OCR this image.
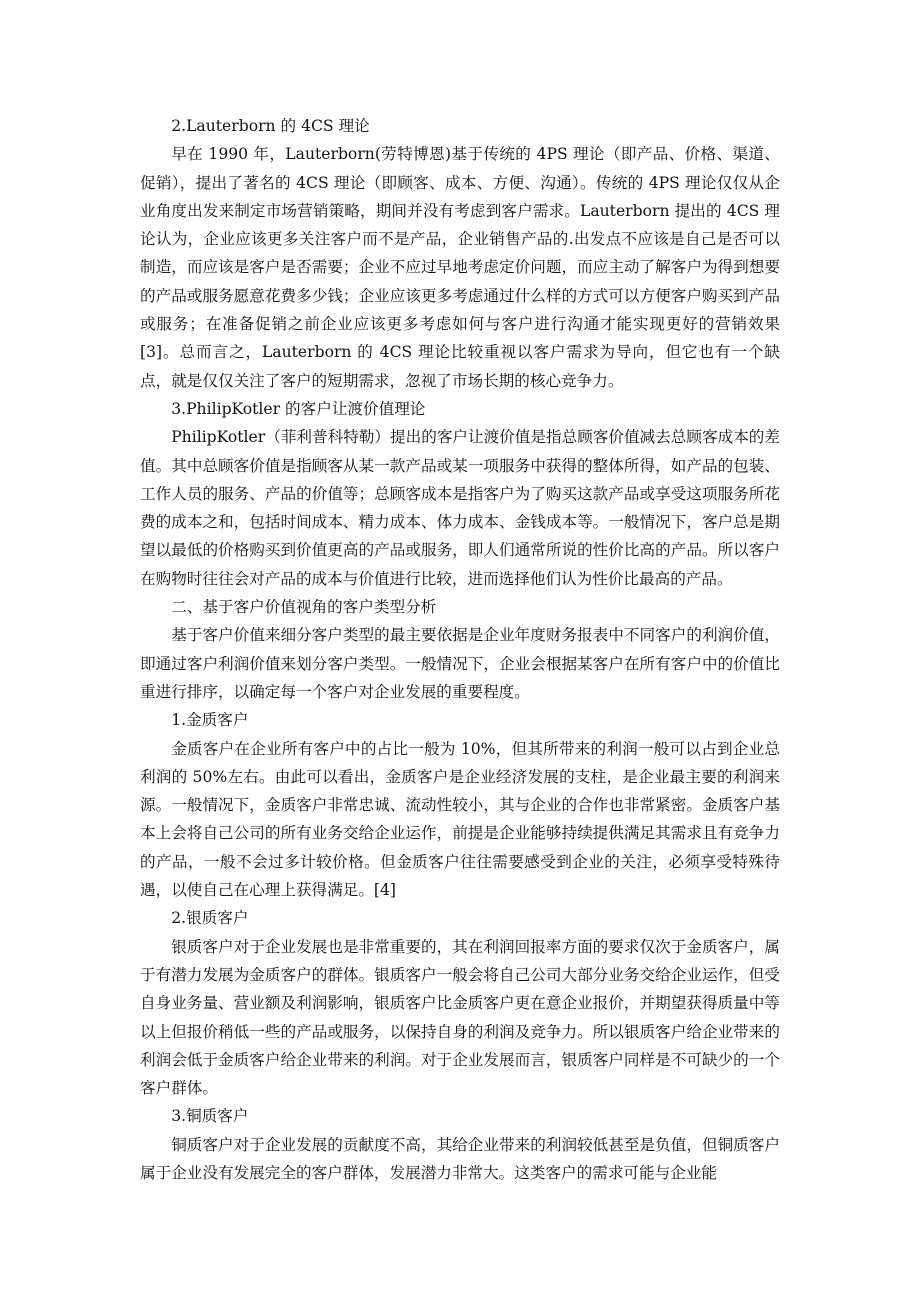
2.Lauterborn 的 4CS 理论

早在 1990 年，Lauterborn(劳特博恩)基于传统的 4PS 理论（即产品、价格、渠道、促销），提出了著名的 4CS 理论（即顾客、成本、方便、沟通）。传统的 4PS 理论仅仅从企业角度出发来制定市场营销策略，期间并没有考虑到客户需求。Lauterborn 提出的 4CS 理论认为，企业应该更多关注客户而不是产品，企业销售产品的.出发点不应该是自己是否可以制造，而应该是客户是否需要；企业不应过早地考虑定价问题，而应主动了解客户为得到想要的产品或服务愿意花费多少钱；企业应该更多考虑通过什么样的方式可以方便客户购买到产品或服务；在准备促销之前企业应该更多考虑如何与客户进行沟通才能实现更好的营销效果[3]。总而言之，Lauterborn 的 4CS 理论比较重视以客户需求为导向，但它也有一个缺点，就是仅仅关注了客户的短期需求，忽视了市场长期的核心竞争力。

3.PhilipKotler 的客户让渡价值理论

PhilipKotler（菲利普科特勒）提出的客户让渡价值是指总顾客价值减去总顾客成本的差值。其中总顾客价值是指顾客从某一款产品或某一项服务中获得的整体所得，如产品的包装、工作人员的服务、产品的价值等；总顾客成本是指客户为了购买这款产品或享受这项服务所花费的成本之和，包括时间成本、精力成本、体力成本、金钱成本等。一般情况下，客户总是期望以最低的价格购买到价值更高的产品或服务，即人们通常所说的性价比高的产品。所以客户在购物时往往会对产品的成本与价值进行比较，进而选择他们认为性价比最高的产品。

二、基于客户价值视角的客户类型分析

基于客户价值来细分客户类型的最主要依据是企业年度财务报表中不同客户的利润价值，即通过客户利润价值来划分客户类型。一般情况下，企业会根据某客户在所有客户中的价值比重进行排序，以确定每一个客户对企业发展的重要程度。

1.金质客户

金质客户在企业所有客户中的占比一般为 10%，但其所带来的利润一般可以占到企业总利润的 50%左右。由此可以看出，金质客户是企业经济发展的支柱，是企业最主要的利润来源。一般情况下，金质客户非常忠诚、流动性较小，其与企业的合作也非常紧密。金质客户基本上会将自己公司的所有业务交给企业运作，前提是企业能够持续提供满足其需求且有竞争力的产品，一般不会过多计较价格。但金质客户往往需要感受到企业的关注，必须享受特殊待遇，以使自己在心理上获得满足。[4]

2.银质客户

银质客户对于企业发展也是非常重要的，其在利润回报率方面的要求仅次于金质客户，属于有潜力发展为金质客户的群体。银质客户一般会将自己公司大部分业务交给企业运作，但受自身业务量、营业额及利润影响，银质客户比金质客户更在意企业报价，并期望获得质量中等以上但报价稍低一些的产品或服务，以保持自身的利润及竞争力。所以银质客户给企业带来的利润会低于金质客户给企业带来的利润。对于企业发展而言，银质客户同样是不可缺少的一个客户群体。

3.铜质客户

铜质客户对于企业发展的贡献度不高，其给企业带来的利润较低甚至是负值，但铜质客户属于企业没有发展完全的客户群体，发展潜力非常大。这类客户的需求可能与企业能
